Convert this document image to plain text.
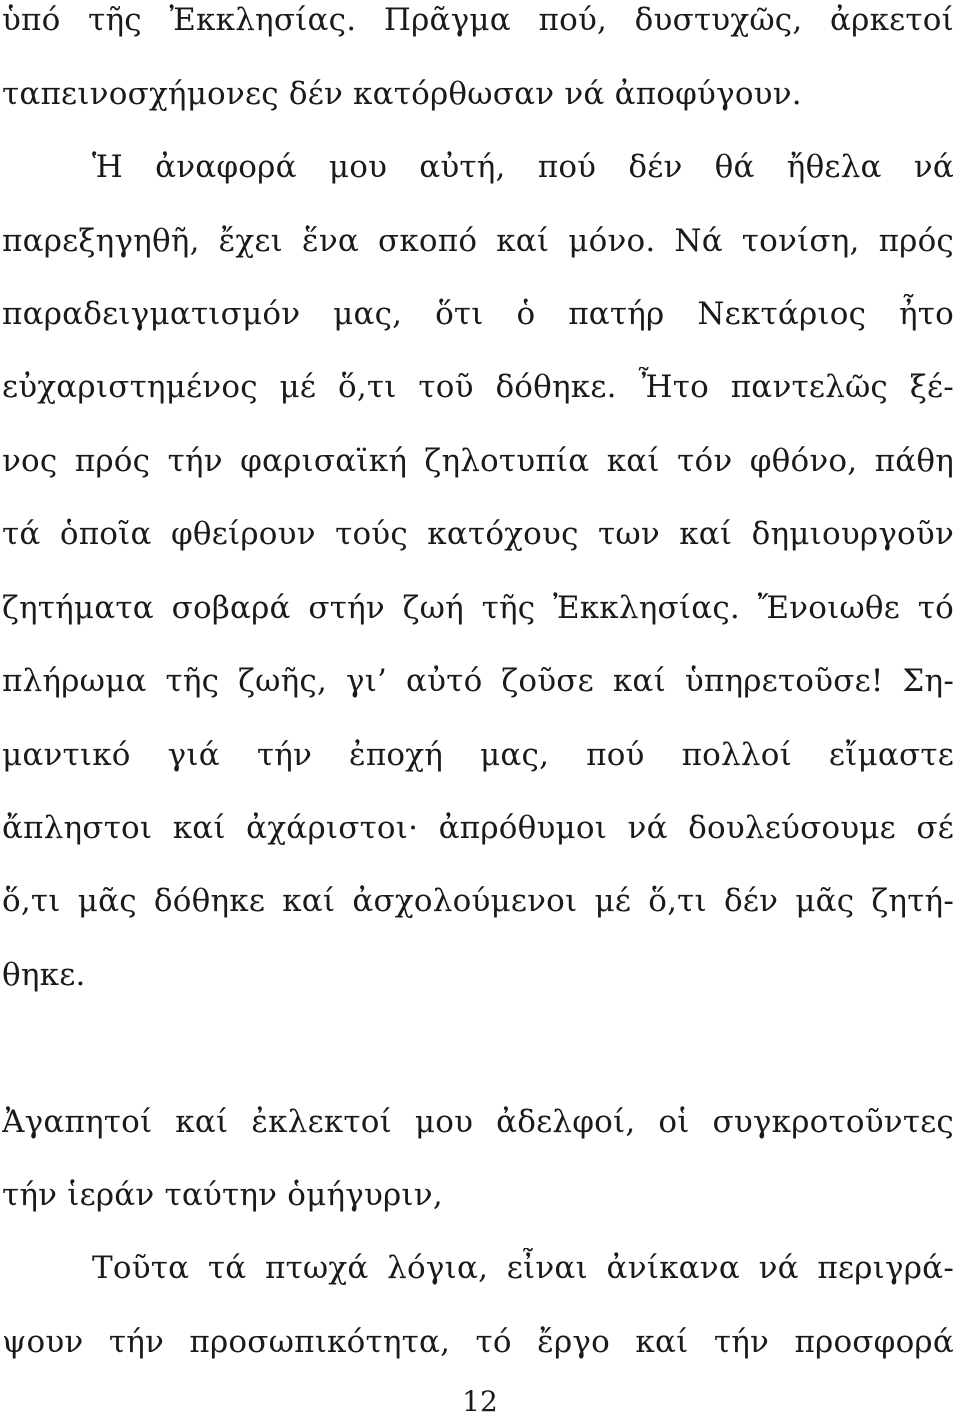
ὑπό τῆς Ἐκκλησίας. Πρᾶγμα πού, δυστυχῶς, ἀρκετοί
ταπεινοσχήμονες δέν κατόρθωσαν νά ἀποφύγουν.
Ἡ ἀναφορά μου αὐτή, πού δέν θά ἤθελα νά
παρεξηγηθῆ, ἔχει ἕνα σκοπό καί μόνο. Νά τονίση, πρός
παραδειγματισμόν μας, ὅτι ὁ πατήρ Νεκτάριος ἦτο
εὐχαριστημένος μέ ὅ,τι τοῦ δόθηκε. Ἦτο παντελῶς ξέ-
νος πρός τήν φαρισαϊκή ζηλοτυπία καί τόν φθόνο, πάθη
τά ὁποῖα φθείρουν τούς κατόχους των καί δημιουργοῦν
ζητήματα σοβαρά στήν ζωή τῆς Ἐκκλησίας. Ἔνοιωθε τό
πλήρωμα τῆς ζωῆς, γι’ αὐτό ζοῦσε καί ὑπηρετοῦσε! Ση-
μαντικό γιά τήν ἐποχή μας, πού πολλοί εἴμαστε
ἄπληστοι καί ἀχάριστοι· ἀπρόθυμοι νά δουλεύσουμε σέ
ὅ,τι μᾶς δόθηκε καί ἀσχολούμενοι μέ ὅ,τι δέν μᾶς ζητή-
θηκε.
Ἀγαπητοί καί ἐκλεκτοί μου ἀδελφοί, οἱ συγκροτοῦντες
τήν ἱεράν ταύτην ὁμήγυριν,
Τοῦτα τά πτωχά λόγια, εἶναι ἀνίκανα νά περιγρά-
ψουν τήν προσωπικότητα, τό ἔργο καί τήν προσφορά
12
